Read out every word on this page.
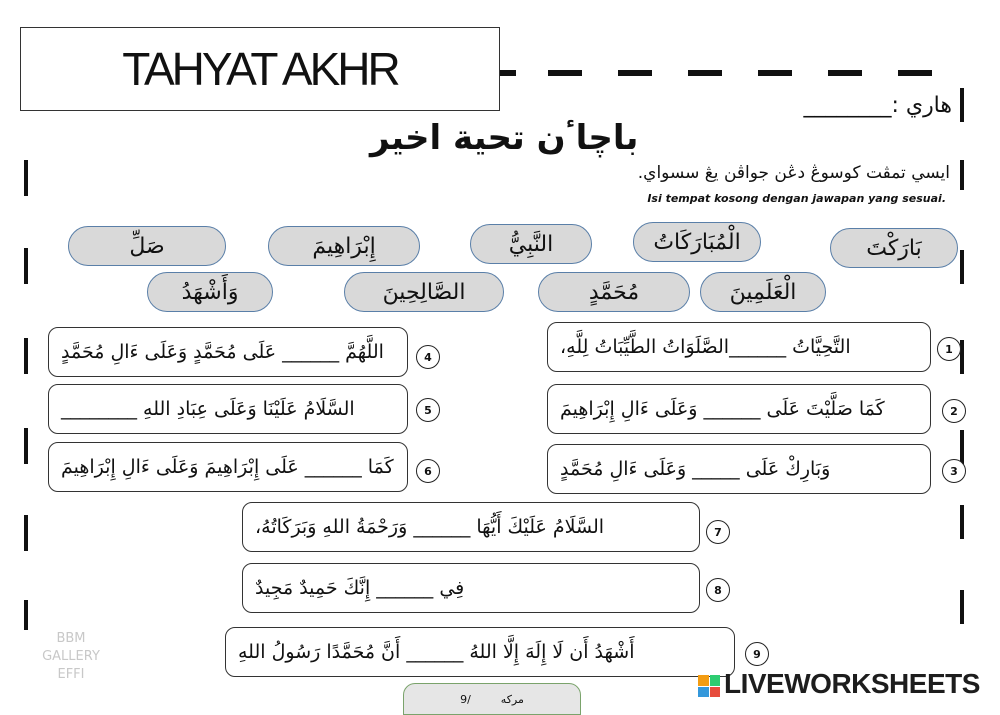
TAHYAT AKHR
هاري :________
باچاٴن تحية اخير
ايسي تمڤت كوسوڠ دڠن جواڤن يڠ سسواي.
Isi tempat kosong dengan jawapan yang sesuai.
بَارَكْتَ
الْمُبَارَكَاتُ
النَّبِيُّ
إِبْرَاهِيمَ
صَلِّ
الْعَلَمِينَ
مُحَمَّدٍ
الصَّالِحِينَ
وَأَشْهَدُ
التَّحِيَّاتُ ______الصَّلَوَاتُ الطَّيِّبَاتُ لِلَّهِ،	1
كَمَا صَلَّيْتَ عَلَى ______ وَعَلَى ءَالِ إِبْرَاهِيمَ	2
وَبَارِكْ عَلَى _____ وَعَلَى ءَالِ مُحَمَّدٍ	3
اللَّهُمَّ ______ عَلَى مُحَمَّدٍ وَعَلَى ءَالِ مُحَمَّدٍ	4
السَّلَامُ عَلَيْنَا وَعَلَى عِبَادِ اللهِ ________	5
كَمَا ______ عَلَى إِبْرَاهِيمَ وَعَلَى ءَالِ إِبْرَاهِيمَ	6
السَّلَامُ عَلَيْكَ أَيُّهَا ______ وَرَحْمَةُ اللهِ وَبَرَكَاتُهُ،	7
فِي ______ إِنَّكَ حَمِيدٌ مَجِيدٌ	8
أَشْهَدُ أَن لَا إِلَهَ إِلَّا اللهُ ______ أَنَّ مُحَمَّدًا رَسُولُ اللهِ	9
BBM
GALLERY
EFFI
9/	مركه	LIVEWORKSHEETS
